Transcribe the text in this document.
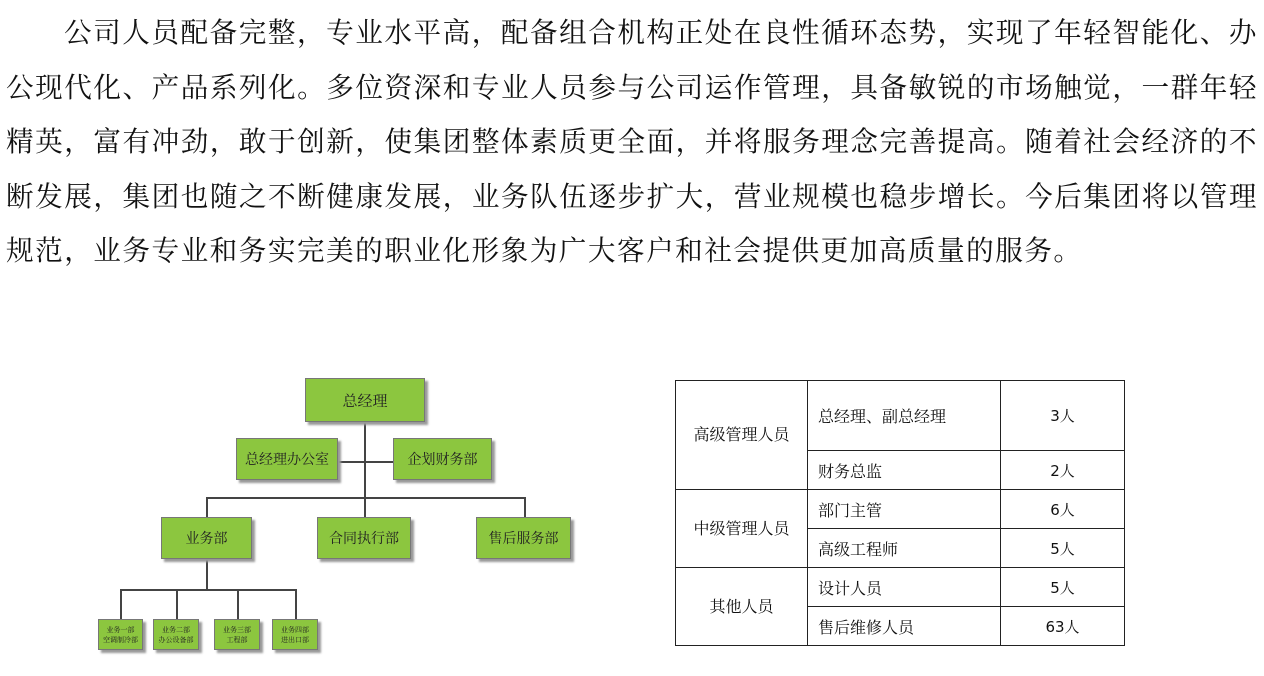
公司人员配备完整，专业水平高，配备组合机构正处在良性循环态势，实现了年轻智能化、办公现代化、产品系列化。多位资深和专业人员参与公司运作管理，具备敏锐的市场触觉，一群年轻精英，富有冲劲，敢于创新，使集团整体素质更全面，并将服务理念完善提高。随着社会经济的不断发展，集团也随之不断健康发展，业务队伍逐步扩大，营业规模也稳步增长。今后集团将以管理规范，业务专业和务实完美的职业化形象为广大客户和社会提供更加高质量的服务。

总经理
总经理办公室	企划财务部
业务部	合同执行部	售后服务部
业务一部
空调制冷部
业务二部
办公设备部
业务三部
工程部
业务四部
进出口部
高级管理人员	总经理、副总经理	3人
	财务总监	2人
中级管理人员	部门主管	6人
	高级工程师	5人
其他人员	设计人员	5人
	售后维修人员	63人
